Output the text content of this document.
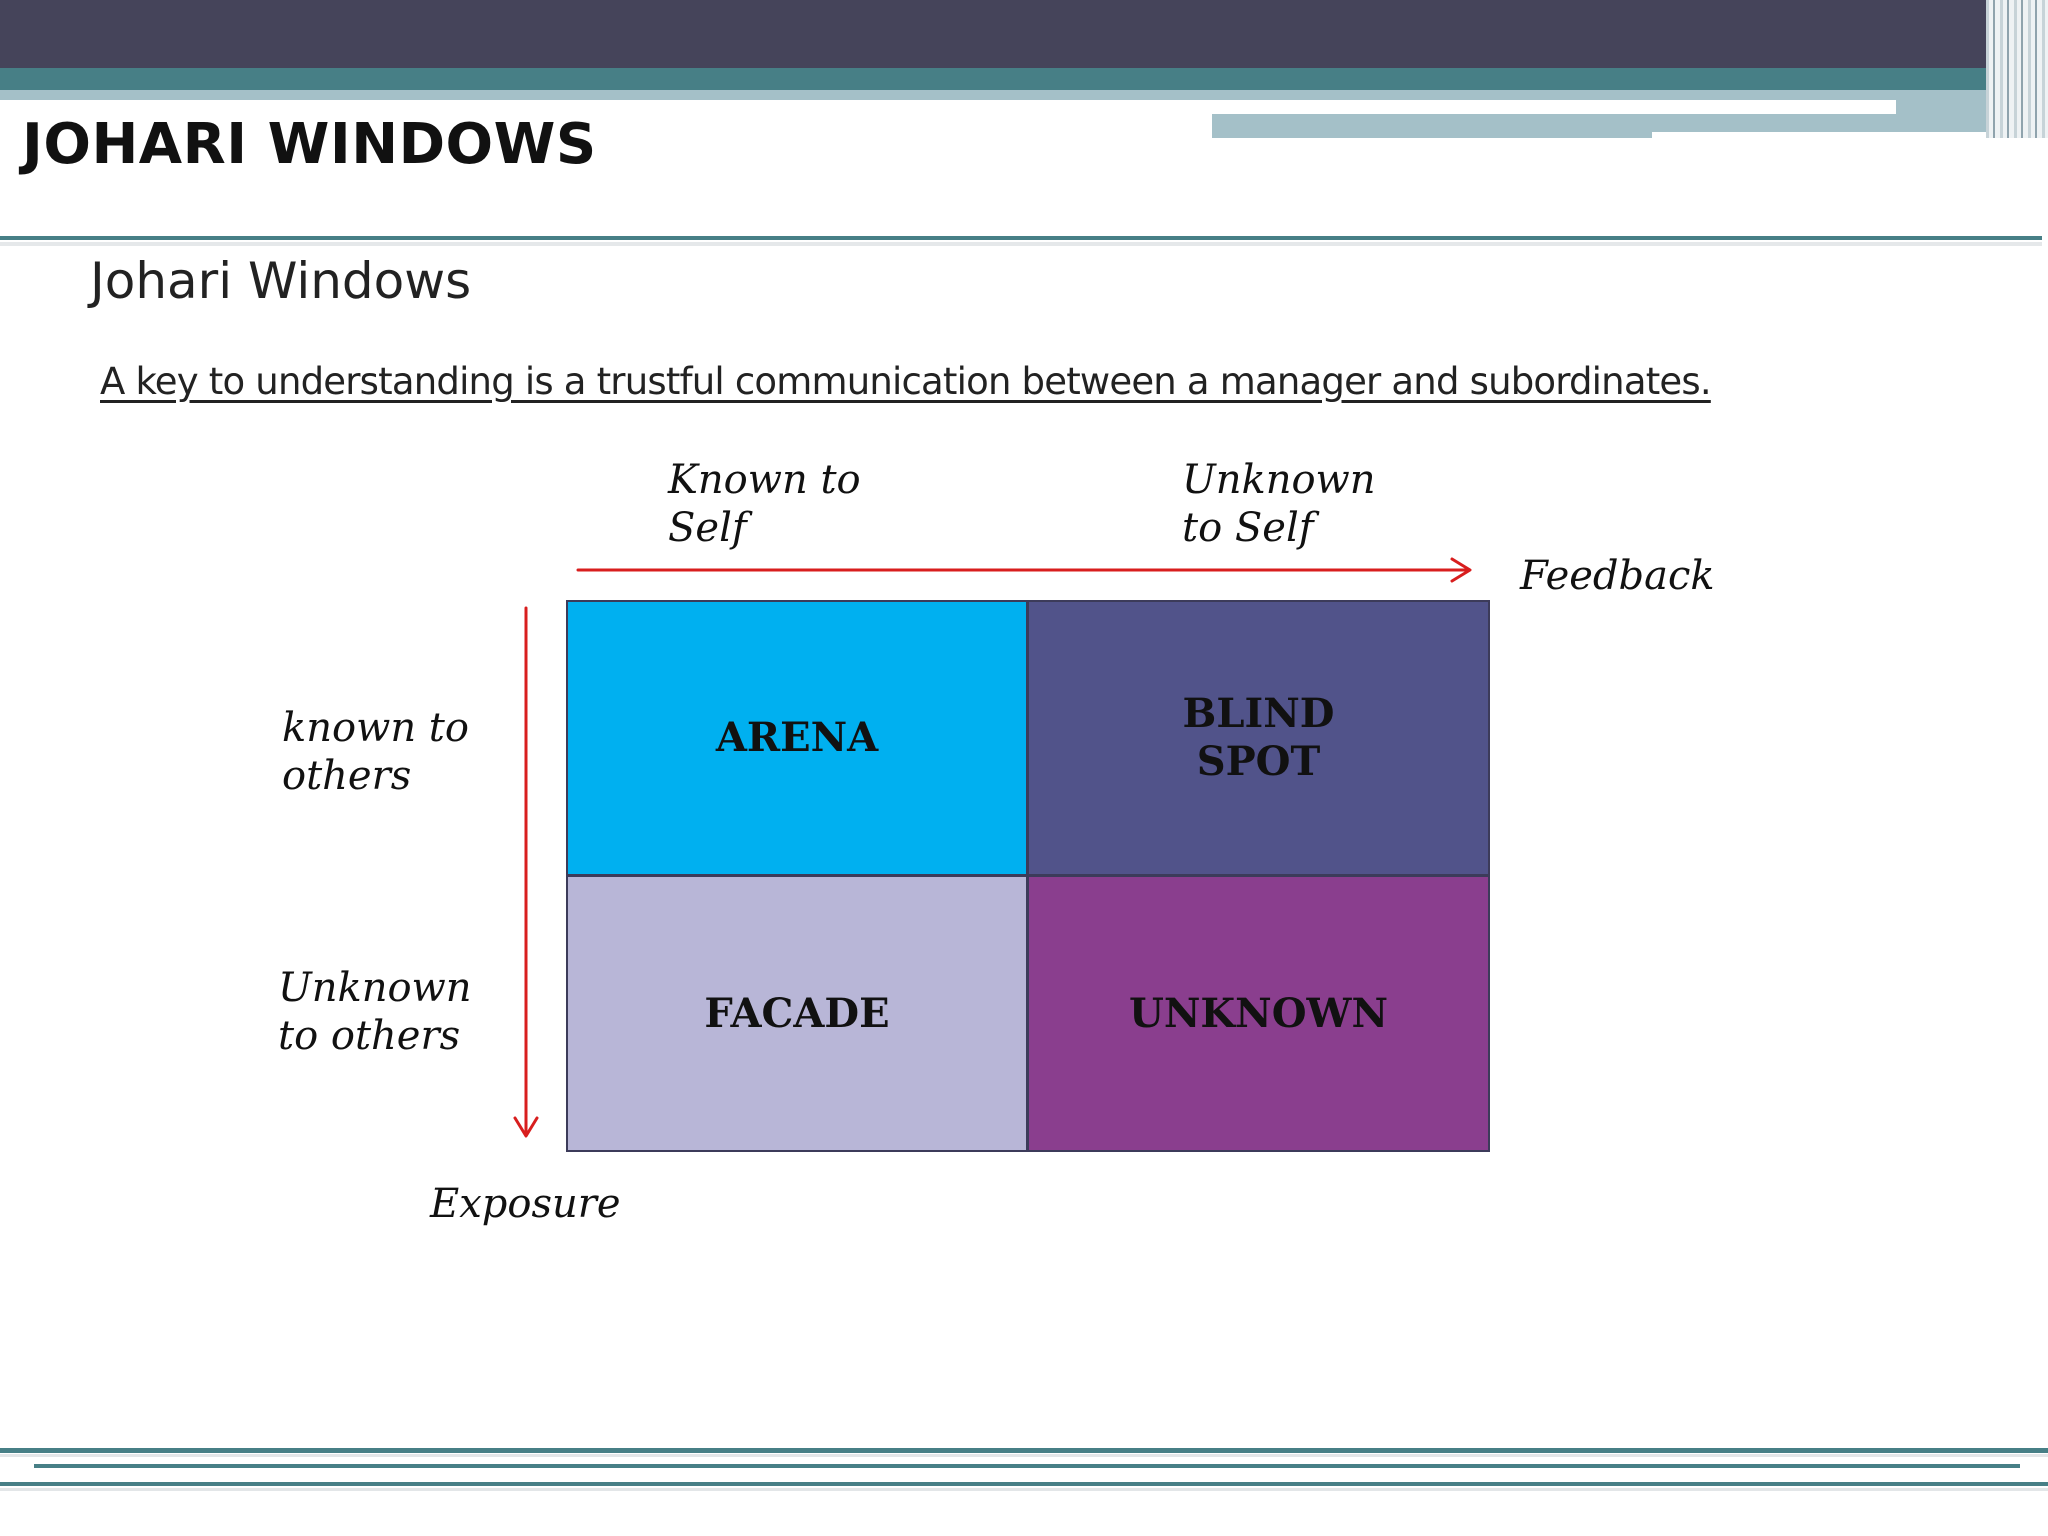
JOHARI WINDOWS
Johari Windows
A key to understanding is a trustful communication between a manager and subordinates.
Known to
Self
Unknown
to Self
Feedback
known to
others
Unknown
to others
Exposure
ARENA
BLIND
SPOT
FACADE	UNKNOWN
